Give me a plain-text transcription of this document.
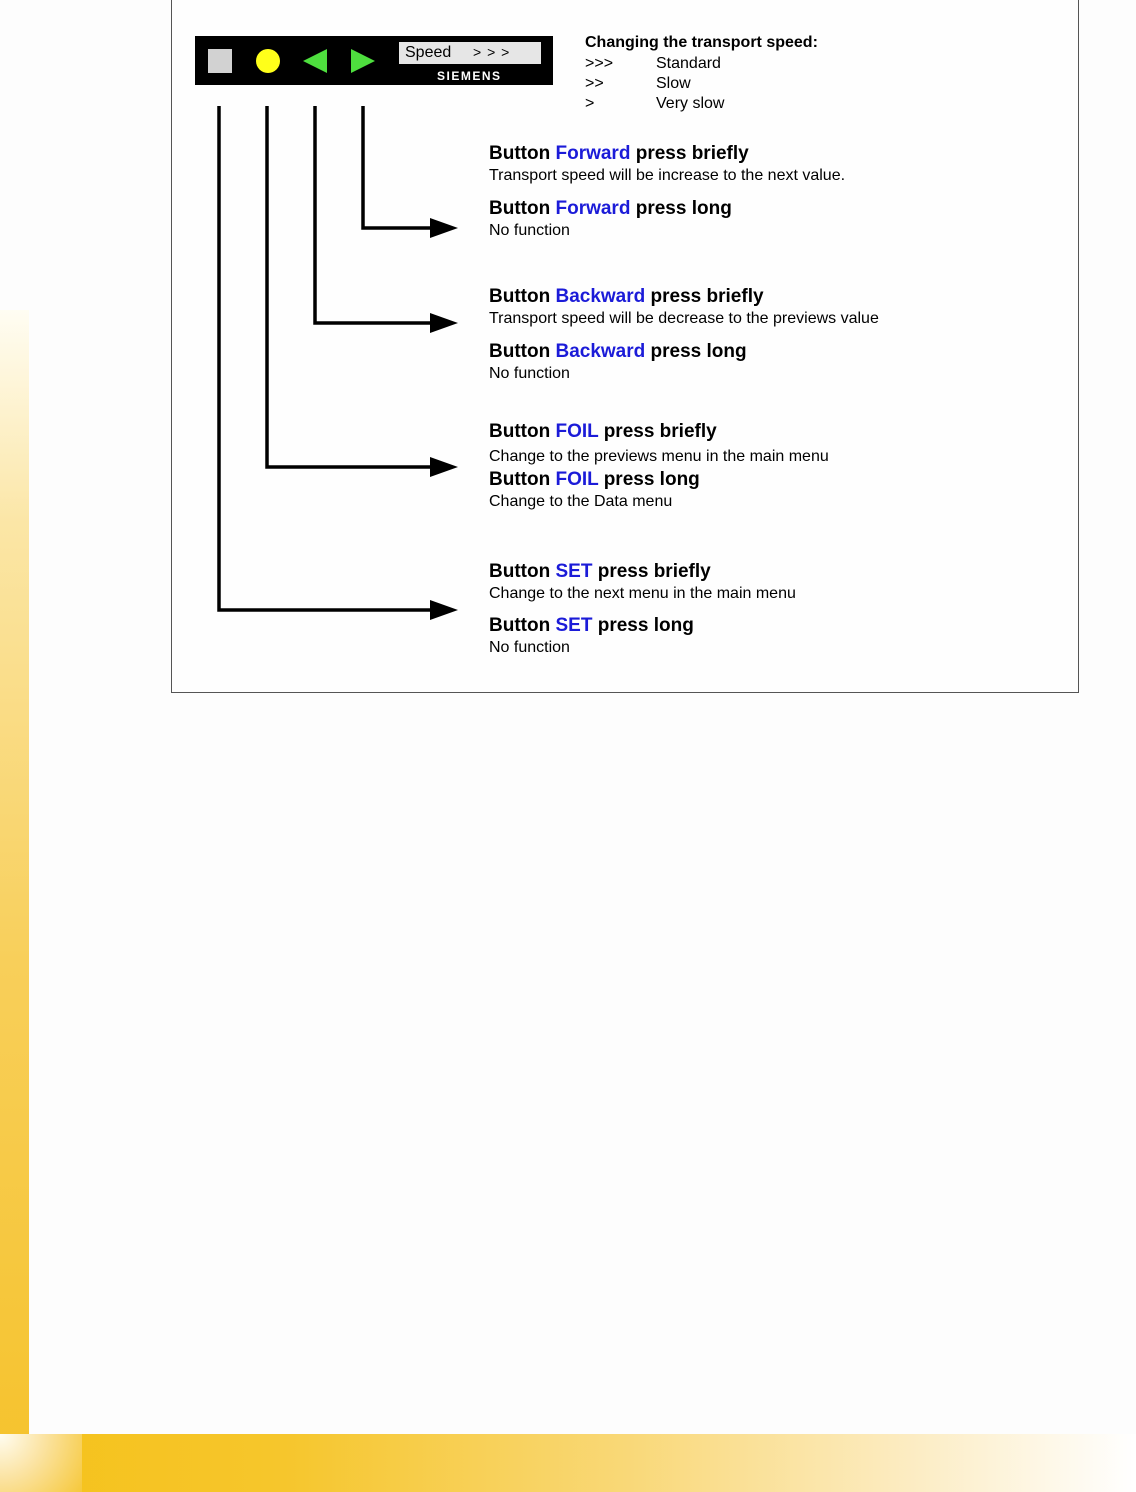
Speed > > >
SIEMENS
Changing the transport speed:
>>>	Standard
>>	Slow
>	Very slow
Button Forward press briefly
Transport speed will be increase to the next value.
Button Forward press long
No function
Button Backward press briefly
Transport speed will be decrease to the previews value
Button Backward press long
No function
Button FOIL press briefly
Change to the previews menu in the main menu
Button FOIL press long
Change to the Data menu
Button SET press briefly
Change to the next menu in the main menu
Button SET press long
No function
